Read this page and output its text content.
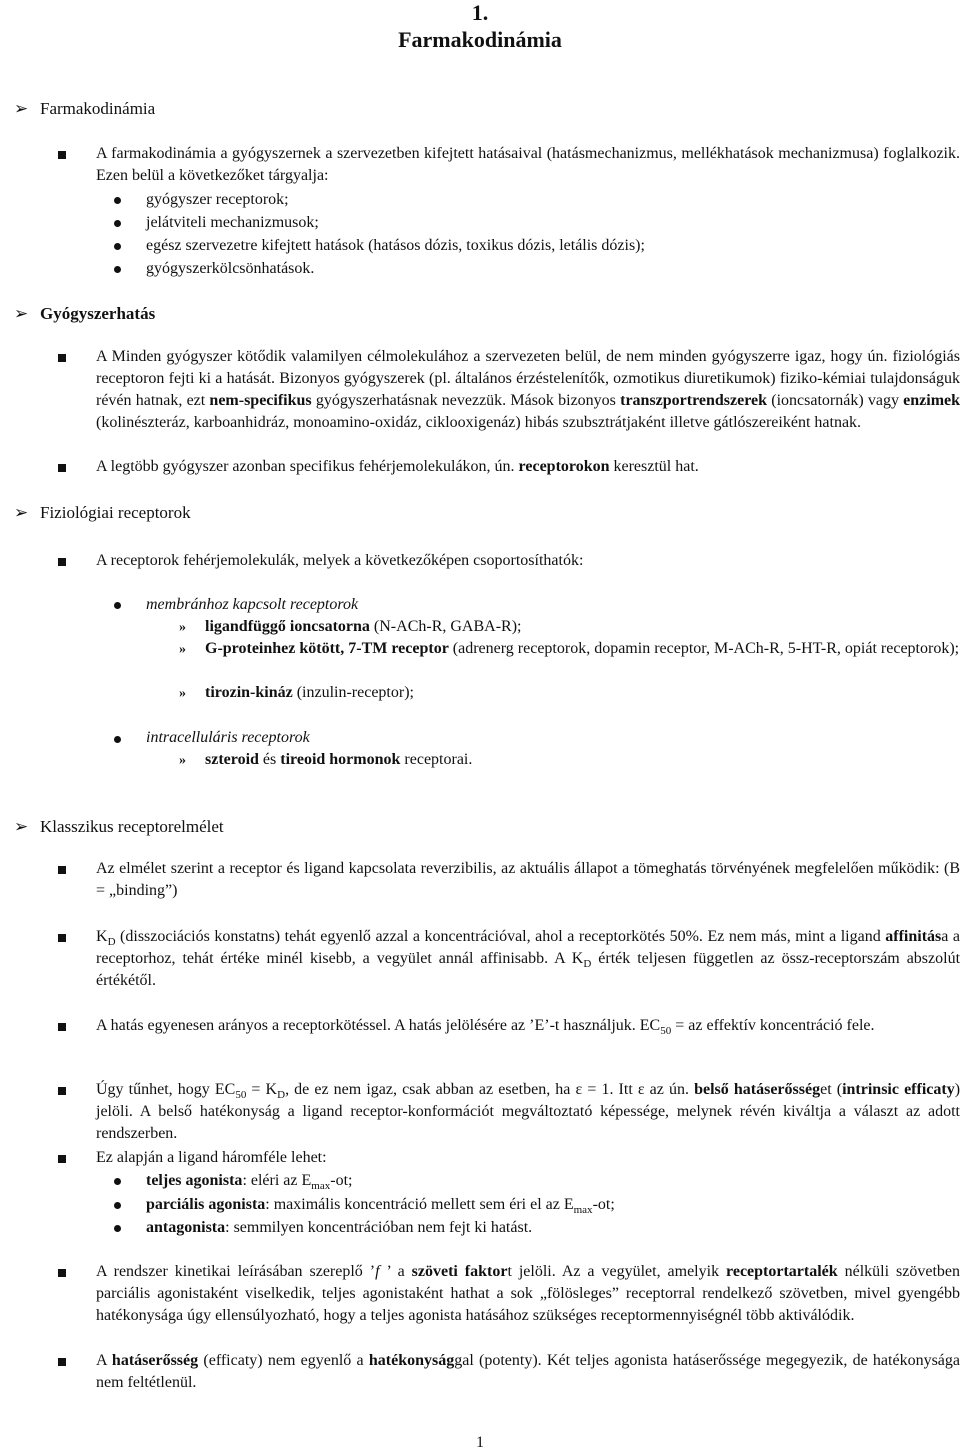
1.
Farmakodinámia
➢ Farmakodinámia
A farmakodinámia a gyógyszernek a szervezetben kifejtett hatásaival (hatásmechanizmus, mellékhatások mechanizmusa) foglalkozik. Ezen belül a következőket tárgyalja:
gyógyszer receptorok;
jelátviteli mechanizmusok;
egész szervezetre kifejtett hatások (hatásos dózis, toxikus dózis, letális dózis);
gyógyszerkölcsönhatások.
➢ Gyógyszerhatás
A Minden gyógyszer kötődik valamilyen célmolekulához a szervezeten belül, de nem minden gyógyszerre igaz, hogy ún. fiziológiás receptoron fejti ki a hatását. Bizonyos gyógyszerek (pl. általános érzéstelenítők, ozmotikus diuretikumok) fiziko-kémiai tulajdonságuk révén hatnak, ezt nem-specifikus gyógyszerhatásnak nevezzük. Mások bizonyos transzportrendszerek (ioncsatornák) vagy enzimek (kolinészteráz, karboanhidráz, monoamino-oxidáz, ciklooxigenáz) hibás szubsztrátjaként illetve gátlószereiként hatnak.
A legtöbb gyógyszer azonban specifikus fehérjemolekulákon, ún. receptorokon keresztül hat.
➢ Fiziológiai receptorok
A receptorok fehérjemolekulák, melyek a következőképen csoportosíthatók:
membránhoz kapcsolt receptorok
» ligandfüggő ioncsatorna (N-ACh-R, GABA-R);
» G-proteinhez kötött, 7-TM receptor (adrenerg receptorok, dopamin receptor, M-ACh-R, 5-HT-R, opiát receptorok);
» tirozin-kináz (inzulin-receptor);
intracelluláris receptorok
» szteroid és tireoid hormonok receptorai.
➢ Klasszikus receptorelmélet
Az elmélet szerint a receptor és ligand kapcsolata reverzibilis, az aktuális állapot a tömeghatás törvényének megfelelően működik: (B = „binding”)
$K_D$ (disszociációs konstatns) tehát egyenlő azzal a koncentrációval, ahol a receptorkötés 50%. Ez nem más, mint a ligand affinitása a receptorhoz, tehát értéke minél kisebb, a vegyület annál affinisabb. A $K_D$ érték teljesen független az össz-receptorszám abszolút értékétől.
A hatás egyenesen arányos a receptorkötéssel. A hatás jelölésére az ’E’-t használjuk. $EC_{50}$ = az effektív koncentráció fele.
Úgy tűnhet, hogy $EC_{50} = K_D$, de ez nem igaz, csak abban az esetben, ha ε = 1. Itt ε az ún. belső hatáserősséget (intrinsic efficaty) jelöli. A belső hatékonyság a ligand receptor-konformációt megváltoztató képessége, melynek révén kiváltja a választ az adott rendszerben.
Ez alapján a ligand háromféle lehet:
teljes agonista: eléri az $E_{max}-ot$;
parciális agonista: maximális koncentráció mellett sem éri el az $E_{max}-ot$;
antagonista: semmilyen koncentrációban nem fejt ki hatást.
A rendszer kinetikai leírásában szereplő ’f ’ a szöveti faktort jelöli. Az a vegyület, amelyik receptortartalék nélküli szövetben parciális agonistaként viselkedik, teljes agonistaként hathat a sok „fölösleges” receptorral rendelkező szövetben, mivel gyengébb hatékonysága úgy ellensúlyozható, hogy a teljes agonista hatásához szükséges receptormennyiségnél több aktiválódik.
A hatáserősség (efficaty) nem egyenlő a hatékonysággal (potenty). Két teljes agonista hatáserőssége megegyezik, de hatékonysága nem feltétlenül.
1
